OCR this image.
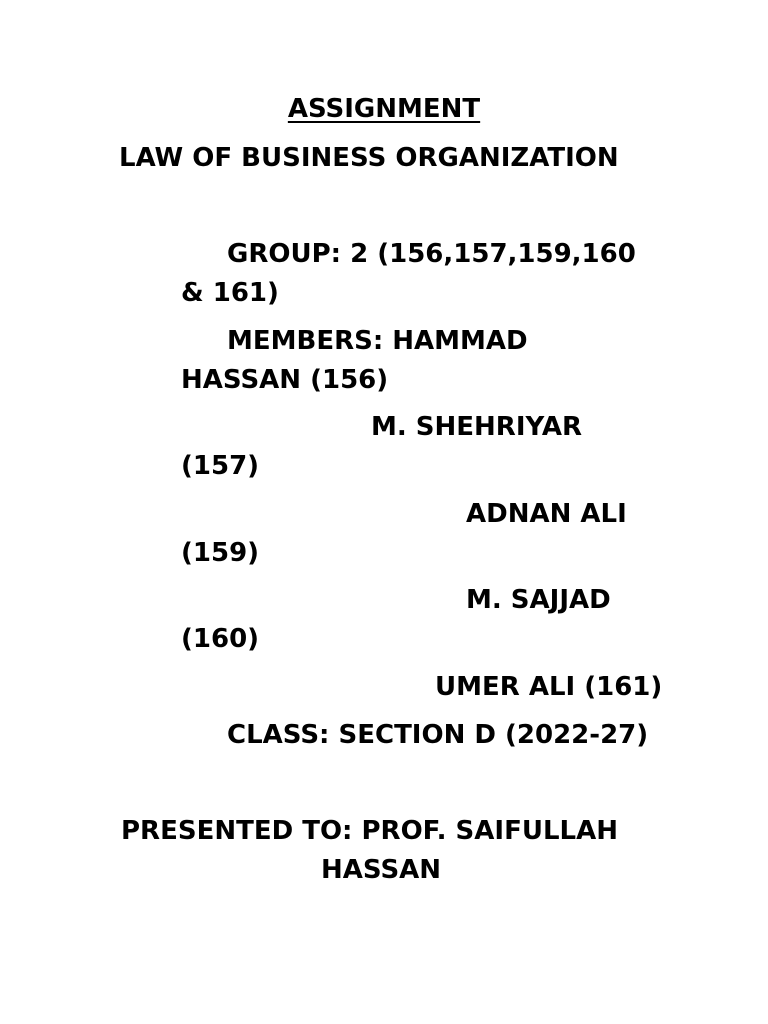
ASSIGNMENT
LAW OF BUSINESS ORGANIZATION
GROUP: 2 (156,157,159,160
& 161)
MEMBERS: HAMMAD
HASSAN (156)
M. SHEHRIYAR
(157)
ADNAN ALI
(159)
M. SAJJAD
(160)
UMER ALI (161)
CLASS: SECTION D (2022-27)
PRESENTED TO: PROF. SAIFULLAH
HASSAN
